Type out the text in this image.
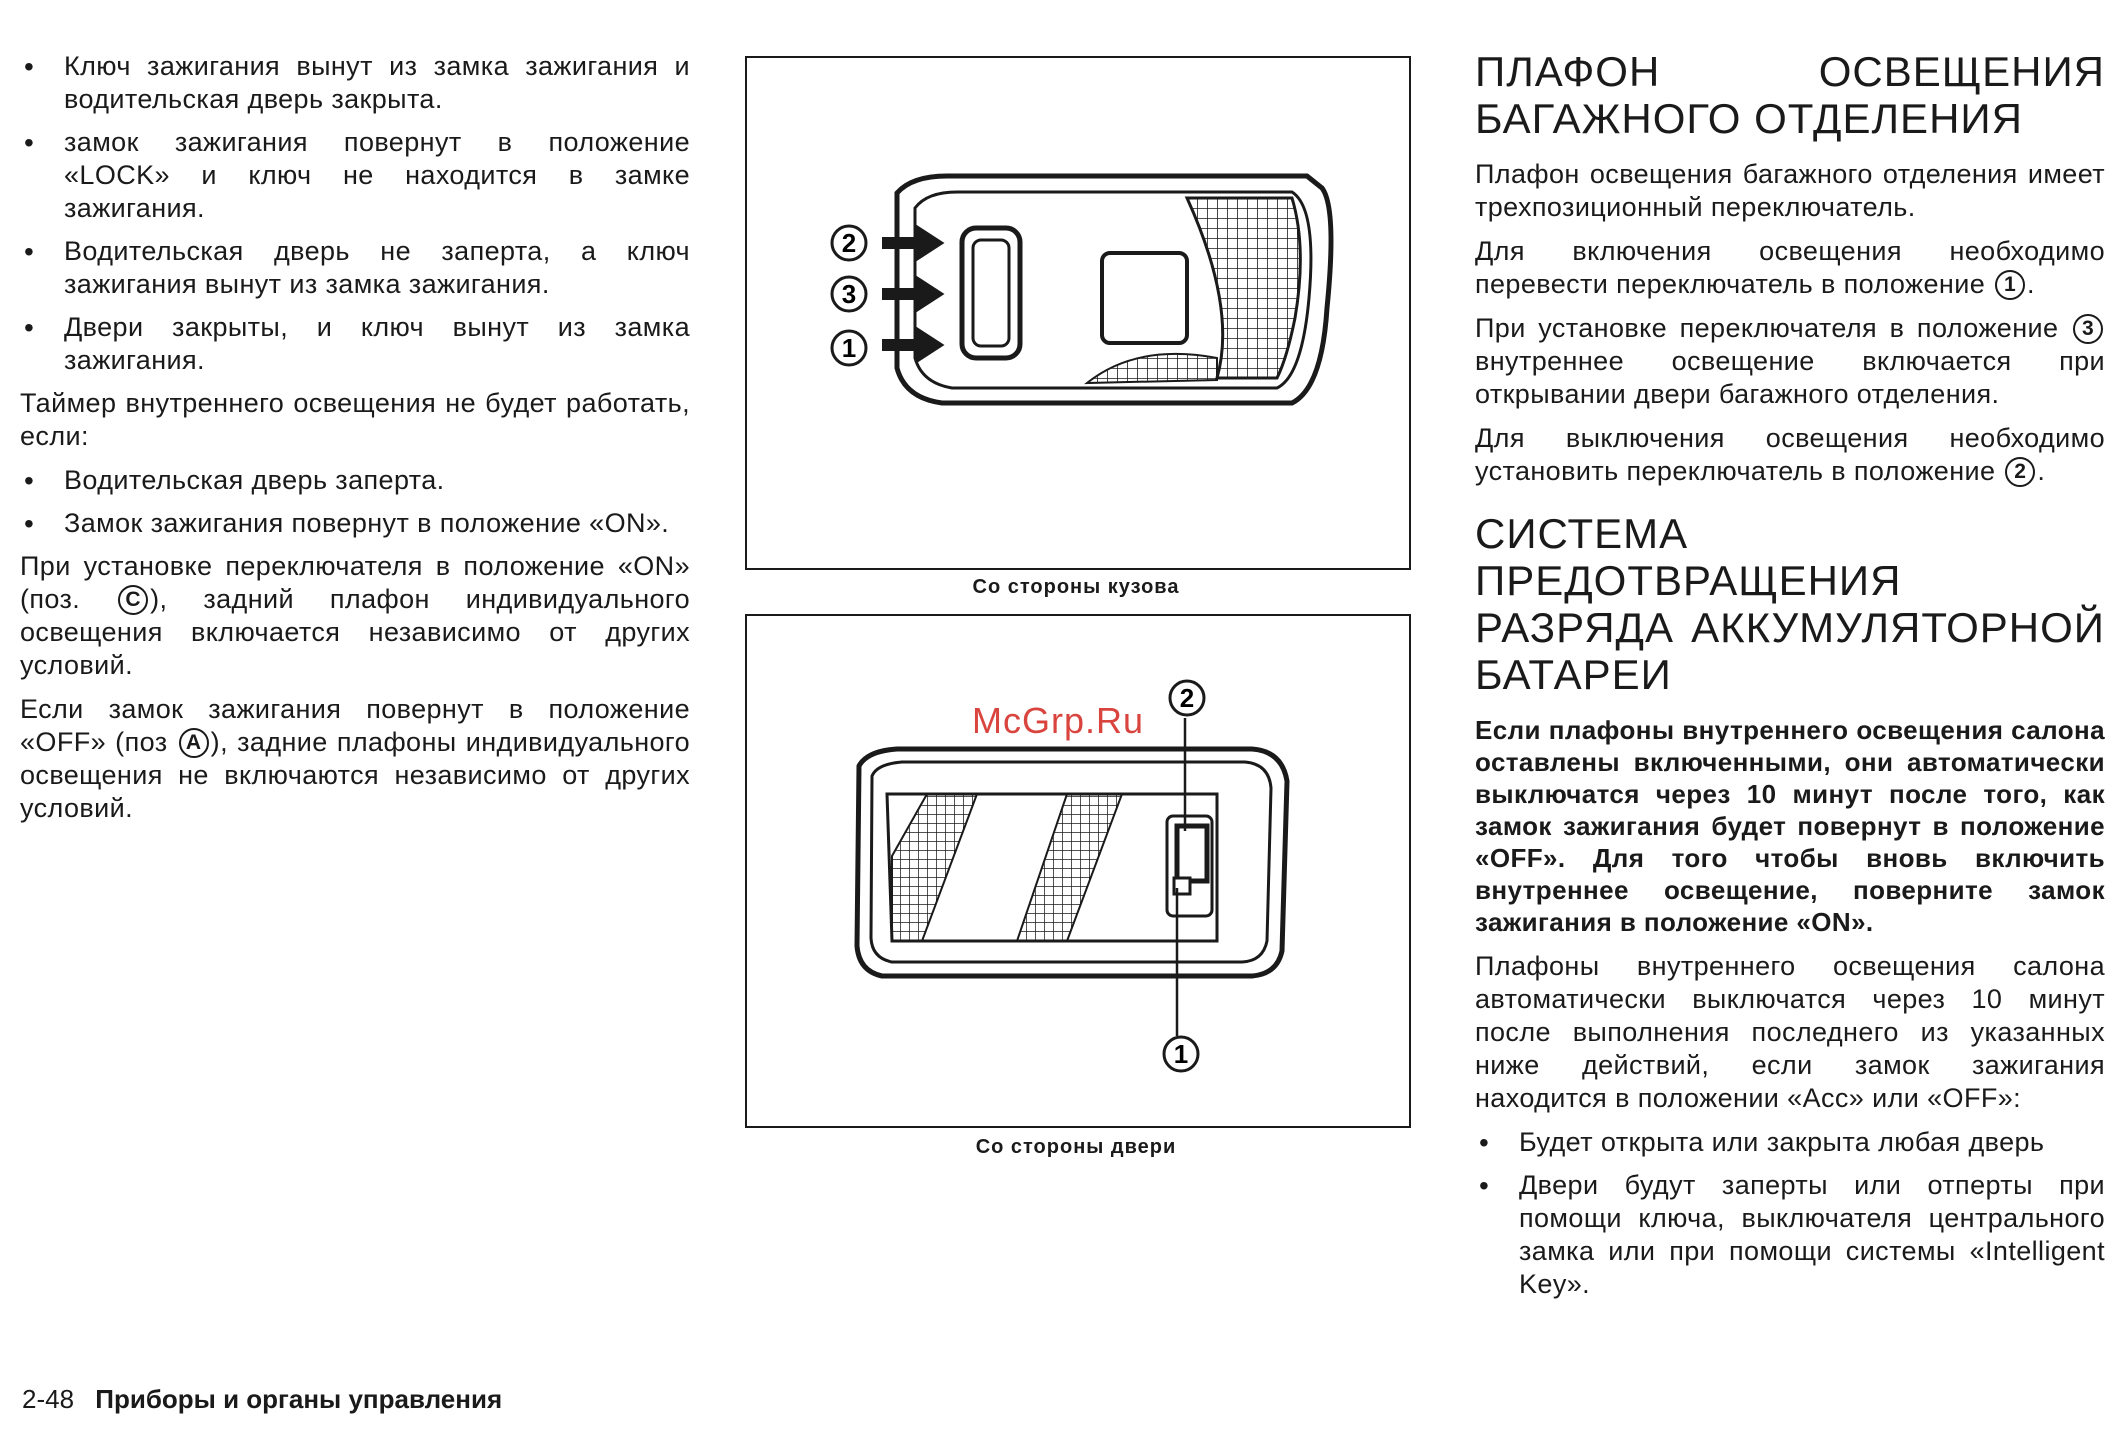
• Ключ зажигания вынут из замка зажигания и водительская дверь закрыта.
• замок зажигания повернут в положение «LOCK» и ключ не находится в замке зажигания.
• Водительская дверь не заперта, а ключ зажигания вынут из замка зажигания.
• Двери закрыты, и ключ вынут из замка зажигания.

Таймер внутреннего освещения не будет работать, если:

• Водительская дверь заперта.
• Замок зажигания повернут в положение «ON».

При установке переключателя в положение «ON» (поз. C ), задний плафон индивидуального освещения включается независимо от других условий.

Если замок зажигания повернут в положение «OFF» (поз A ), задние плафоны индивидуального освещения не включаются независимо от других условий.

2
3
1
Со стороны кузова
2
1
Со стороны двери
McGrp.Ru
ПЛАФОН ОСВЕЩЕНИЯ БАГАЖНОГО ОТДЕЛЕНИЯ

Плафон освещения багажного отделения имеет трехпозиционный переключатель.

Для включения освещения необходимо перевести переключатель в положение 1 .

При установке переключателя в положение 3 внутреннее освещение включается при открывании двери багажного отделения.

Для выключения освещения необходимо установить переключатель в положение 2 .

СИСТЕМА ПРЕДОТВРАЩЕНИЯ РАЗРЯДА АККУМУЛЯТОРНОЙ БАТАРЕИ

Если плафоны внутреннего освещения салона оставлены включенными, они автоматически выключатся через 10 минут после того, как замок зажигания будет повернут в положение «OFF». Для того чтобы вновь включить внутреннее освещение, поверните замок зажигания в положение «ON».

Плафоны внутреннего освещения салона автоматически выключатся через 10 минут после выполнения последнего из указанных ниже действий, если замок зажигания находится в положении «Acc» или «OFF»:

• Будет открыта или закрыта любая дверь
• Двери будут заперты или отперты при помощи ключа, выключателя центрального замка или при помощи системы «Intelligent Key».
2-48 Приборы и органы управления
